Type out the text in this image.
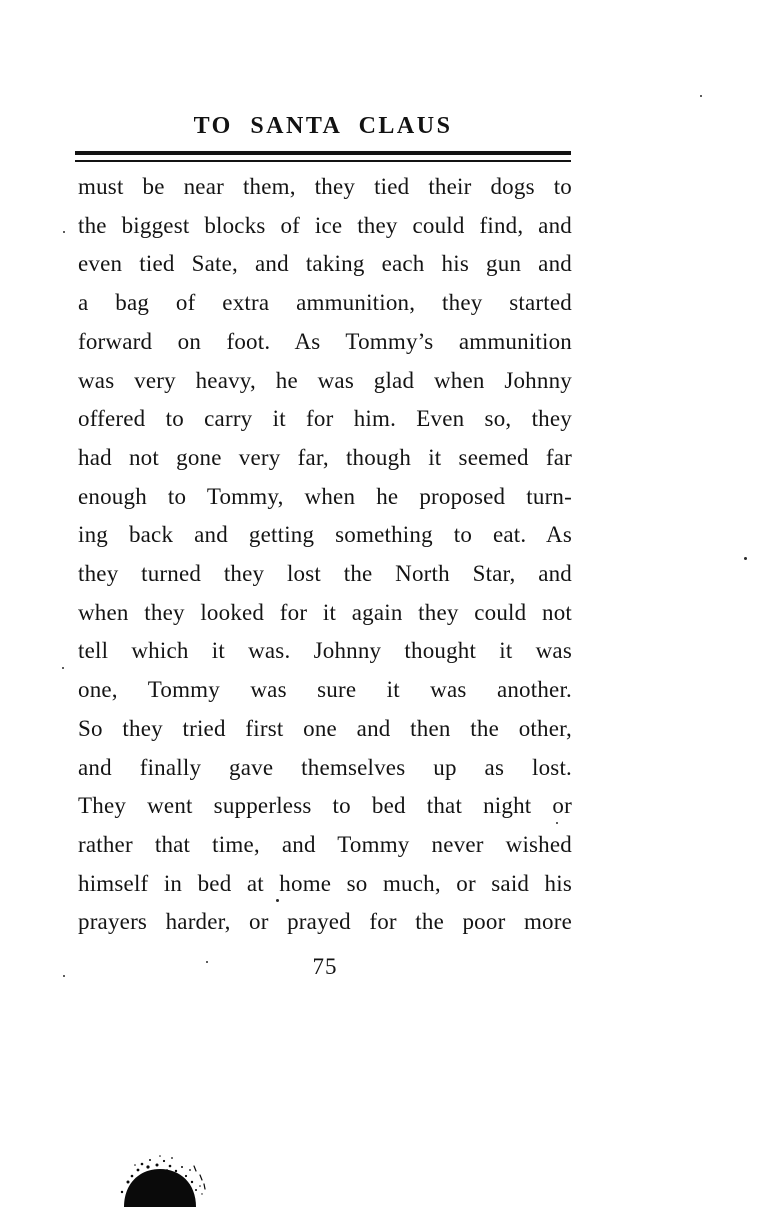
TO SANTA CLAUS
must be near them, they tied their dogs to
the biggest blocks of ice they could find, and
even tied Sate, and taking each his gun and
a bag of extra ammunition, they started
forward on foot. As Tommy’s ammunition
was very heavy, he was glad when Johnny
offered to carry it for him. Even so, they
had not gone very far, though it seemed far
enough to Tommy, when he proposed turn-
ing back and getting something to eat. As
they turned they lost the North Star, and
when they looked for it again they could not
tell which it was. Johnny thought it was
one, Tommy was sure it was another.
So they tried first one and then the other,
and finally gave themselves up as lost.
They went supperless to bed that night or
rather that time, and Tommy never wished
himself in bed at home so much, or said his
prayers harder, or prayed for the poor more
75
